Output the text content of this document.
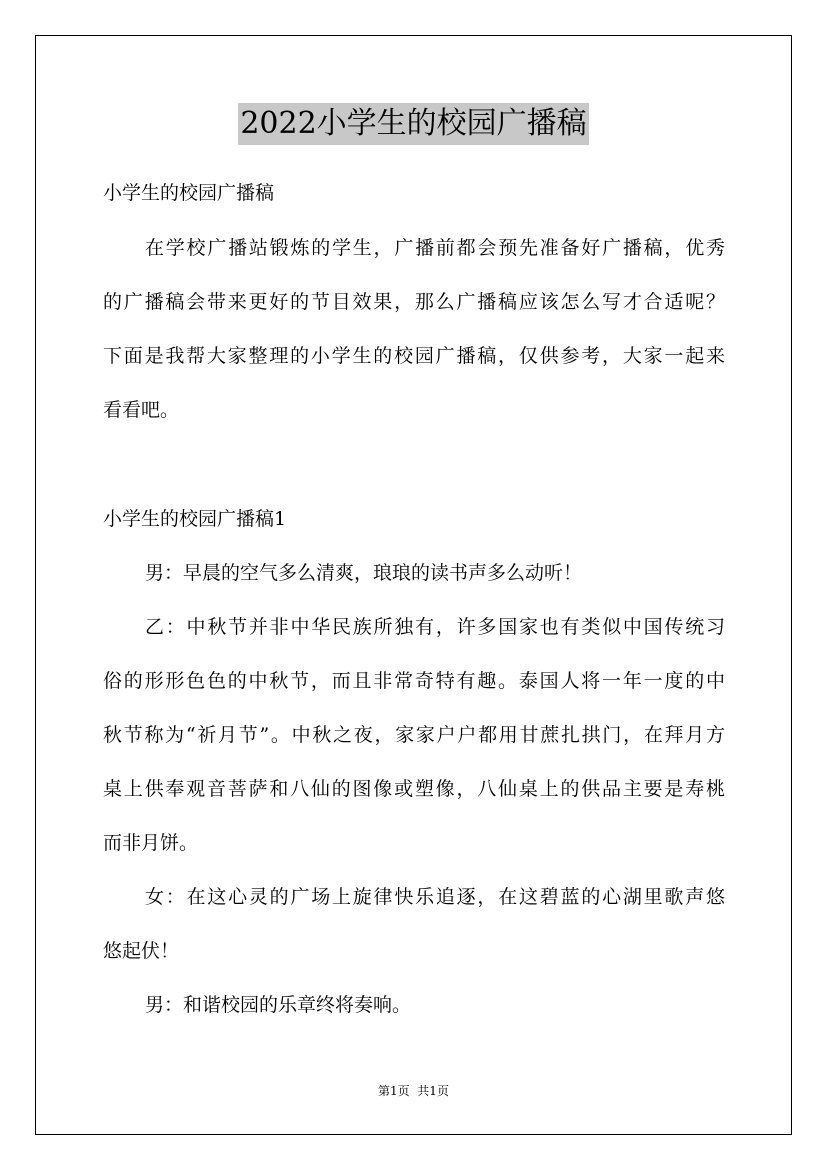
2022小学生的校园广播稿
小学生的校园广播稿
在学校广播站锻炼的学生，广播前都会预先准备好广播稿，优秀
的广播稿会带来更好的节目效果，那么广播稿应该怎么写才合适呢？
下面是我帮大家整理的小学生的校园广播稿，仅供参考，大家一起来
看看吧。
小学生的校园广播稿1
男：早晨的空气多么清爽，琅琅的读书声多么动听！
乙：中秋节并非中华民族所独有，许多国家也有类似中国传统习
俗的形形色色的中秋节，而且非常奇特有趣。泰国人将一年一度的中
秋节称为“祈月节”。中秋之夜，家家户户都用甘蔗扎拱门，在拜月方
桌上供奉观音菩萨和八仙的图像或塑像，八仙桌上的供品主要是寿桃
而非月饼。
女：在这心灵的广场上旋律快乐追逐，在这碧蓝的心湖里歌声悠
悠起伏！
男：和谐校园的乐章终将奏响。
第1页  共1页
